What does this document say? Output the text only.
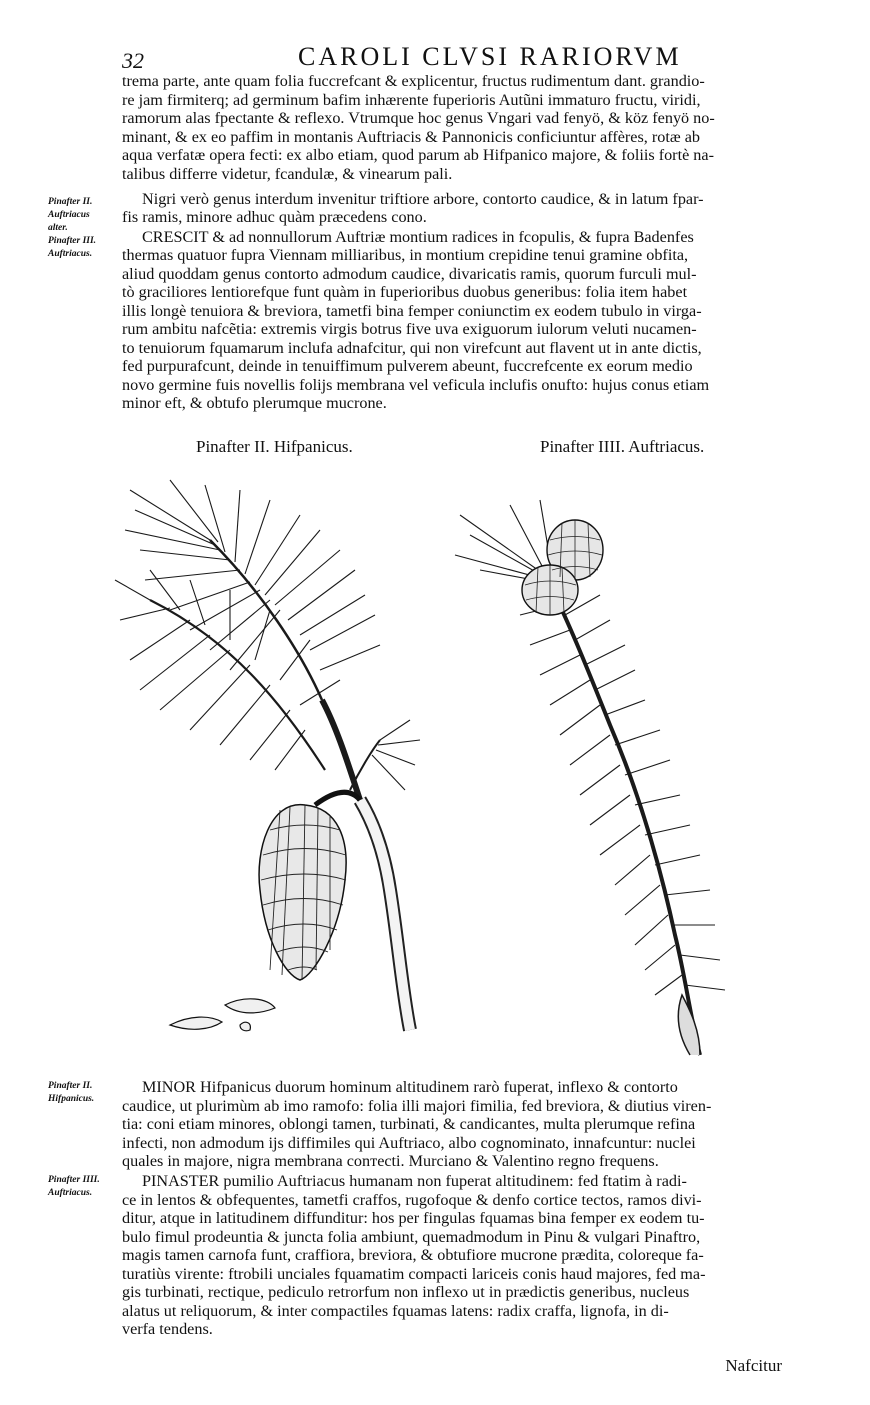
32	CAROLI CLVSI RARIORVM
trema parte, ante quam folia fuccrefcant & explicentur, fructus rudimentum dant. grandio-
re jam firmiterq; ad germinum bafim inhærente fuperioris Autũni immaturo fructu, viridi,
ramorum alas fpectante & reflexo. Vtrumque hoc genus Vngari vad fenyö, & köz fenyö no-
minant, & ex eo paffim in montanis Auftriacis & Pannonicis conficiuntur affères, rotæ ab
aqua verfatæ opera fecti: ex albo etiam, quod parum ab Hifpanico majore, & foliis fortè na-
talibus differre videtur, fcandulæ, & vinearum pali.
Pinafter II.
Auftriacus
alter.
Pinafter III.
Auftriacus.
Nigri verò genus interdum invenitur triftiore arbore, contorto caudice, & in latum fpar-
fis ramis, minore adhuc quàm præcedens cono.
CRESCIT & ad nonnullorum Auftriæ montium radices in fcopulis, & fupra Badenfes
thermas quatuor fupra Viennam milliaribus, in montium crepidine tenui gramine obfita,
aliud quoddam genus contorto admodum caudice, divaricatis ramis, quorum furculi mul-
tò graciliores lentiorefque funt quàm in fuperioribus duobus generibus: folia item habet
illis longè tenuiora & breviora, tametfi bina femper coniunctim ex eodem tubulo in virga-
rum ambitu nafcẽtia: extremis virgis botrus five uva exiguorum iulorum veluti nucamen-
to tenuiorum fquamarum inclufa adnafcitur, qui non virefcunt aut flavent ut in ante dictis,
fed purpurafcunt, deinde in tenuiffimum pulverem abeunt, fuccrefcente ex eorum medio
novo germine fuis novellis folijs membrana vel veficula inclufis onufto: hujus conus etiam
minor eft, & obtufo plerumque mucrone.
Pinafter II. Hifpanicus.	Pinafter IIII. Auftriacus.
Pinafter II.
Hifpanicus.
Pinafter IIII.
Auftriacus.
MINOR Hifpanicus duorum hominum altitudinem rarò fuperat, inflexo & contorto
caudice, ut plurimùm ab imo ramofo: folia illi majori fimilia, fed breviora, & diutius viren-
tia: coni etiam minores, oblongi tamen, turbinati, & candicantes, multa plerumque refina
infecti, non admodum ijs diffimiles qui Auftriaco, albo cognominato, innafcuntur: nuclei
quales in majore, nigra membrana conтecti. Murciano & Valentino regno frequens.
PINASTER pumilio Auftriacus humanam non fuperat altitudinem: fed ftatim à radi-
ce in lentos & obfequentes, tametfi craffos, rugofoque & denfo cortice tectos, ramos divi-
ditur, atque in latitudinem diffunditur: hos per fingulas fquamas bina femper ex eodem tu-
bulo fimul prodeuntia & juncta folia ambiunt, quemadmodum in Pinu & vulgari Pinaftro,
magis tamen carnofa funt, craffiora, breviora, & obtufiore mucrone prædita, coloreque fa-
turatiùs virente: ftrobili unciales fquamatim compacti lariceis conis haud majores, fed ma-
gis turbinati, rectique, pediculo retrorfum non inflexo ut in prædictis generibus, nucleus
alatus ut reliquorum, & inter compactiles fquamas latens: radix craffa, lignofa, in di-
verfa tendens.
Nafcitur
